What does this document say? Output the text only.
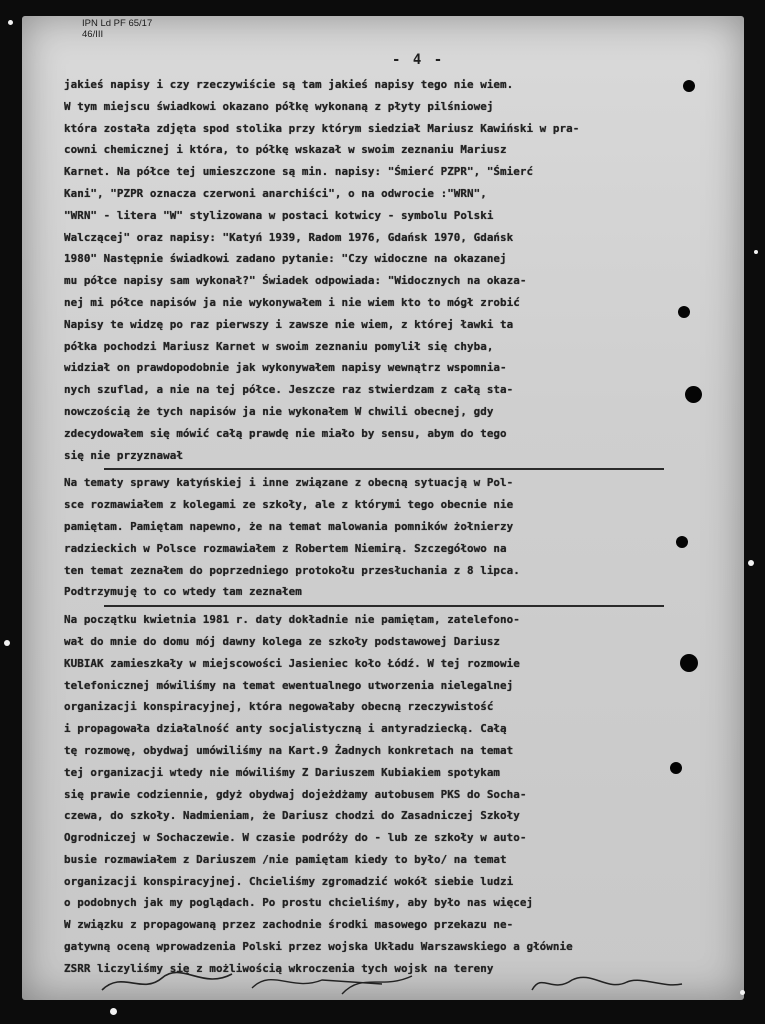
IPN Ld PF 65/17
46/III
- 4 -
jakieś napisy i czy rzeczywiście są tam jakieś napisy tego nie wiem.
W tym miejscu świadkowi okazano półkę wykonaną z płyty pilśniowej
która została zdjęta spod stolika przy którym siedział Mariusz Kawiński w pra-
cowni chemicznej i która, to półkę wskazał w swoim zeznaniu Mariusz
Karnet. Na półce tej umieszczone są min. napisy: "Śmierć PZPR", "Śmierć
Kani", "PZPR oznacza czerwoni anarchiści", o na odwrocie :"WRN",
"WRN" - litera "W" stylizowana w postaci kotwicy - symbolu Polski
Walczącej" oraz napisy: "Katyń 1939, Radom 1976, Gdańsk 1970, Gdańsk
1980" Następnie świadkowi zadano pytanie: "Czy widoczne na okazanej
mu półce napisy sam wykonał?" Świadek odpowiada: "Widocznych na okaza-
nej mi półce napisów ja nie wykonywałem i nie wiem kto to mógł zrobić
Napisy te widzę po raz pierwszy i zawsze nie wiem, z której ławki ta
półka pochodzi Mariusz Karnet w swoim zeznaniu pomylił się chyba,
widział on prawdopodobnie jak wykonywałem napisy wewnątrz wspomnia-
nych szuflad, a nie na tej półce. Jeszcze raz stwierdzam z całą sta-
nowczością że tych napisów ja nie wykonałem W chwili obecnej, gdy
zdecydowałem się mówić całą prawdę nie miało by sensu, abym do tego
się nie przyznawał
Na tematy sprawy katyńskiej i inne związane z obecną sytuacją w Pol-
sce rozmawiałem z kolegami ze szkoły, ale z którymi tego obecnie nie
pamiętam. Pamiętam napewno, że na temat malowania pomników żołnierzy
radzieckich w Polsce rozmawiałem z Robertem Niemirą. Szczegółowo na
ten temat zeznałem do poprzedniego protokołu przesłuchania z 8 lipca.
Podtrzymuję to co wtedy tam zeznałem
Na początku kwietnia 1981 r. daty dokładnie nie pamiętam, zatelefono-
wał do mnie do domu mój dawny kolega ze szkoły podstawowej Dariusz
KUBIAK zamieszkały w miejscowości Jasieniec koło Łódź. W tej rozmowie
telefonicznej mówiliśmy na temat ewentualnego utworzenia nielegalnej
organizacji konspiracyjnej, która negowałaby obecną rzeczywistość
i propagowała działalność anty socjalistyczną i antyradziecką. Całą
tę rozmowę, obydwaj umówiliśmy na Kart.9 Żadnych konkretach na temat
tej organizacji wtedy nie mówiliśmy Z Dariuszem Kubiakiem spotykam
się prawie codziennie, gdyż obydwaj dojeżdżamy autobusem PKS do Socha-
czewa, do szkoły. Nadmieniam, że Dariusz chodzi do Zasadniczej Szkoły
Ogrodniczej w Sochaczewie. W czasie podróży do - lub ze szkoły w auto-
busie rozmawiałem z Dariuszem /nie pamiętam kiedy to było/ na temat
organizacji konspiracyjnej. Chcieliśmy zgromadzić wokół siebie ludzi
o podobnych jak my poglądach. Po prostu chcieliśmy, aby było nas więcej
W związku z propagowaną przez zachodnie środki masowego przekazu ne-
gatywną oceną wprowadzenia Polski przez wojska Układu Warszawskiego a głównie
ZSRR liczyliśmy się z możliwością wkroczenia tych wojsk na tereny
